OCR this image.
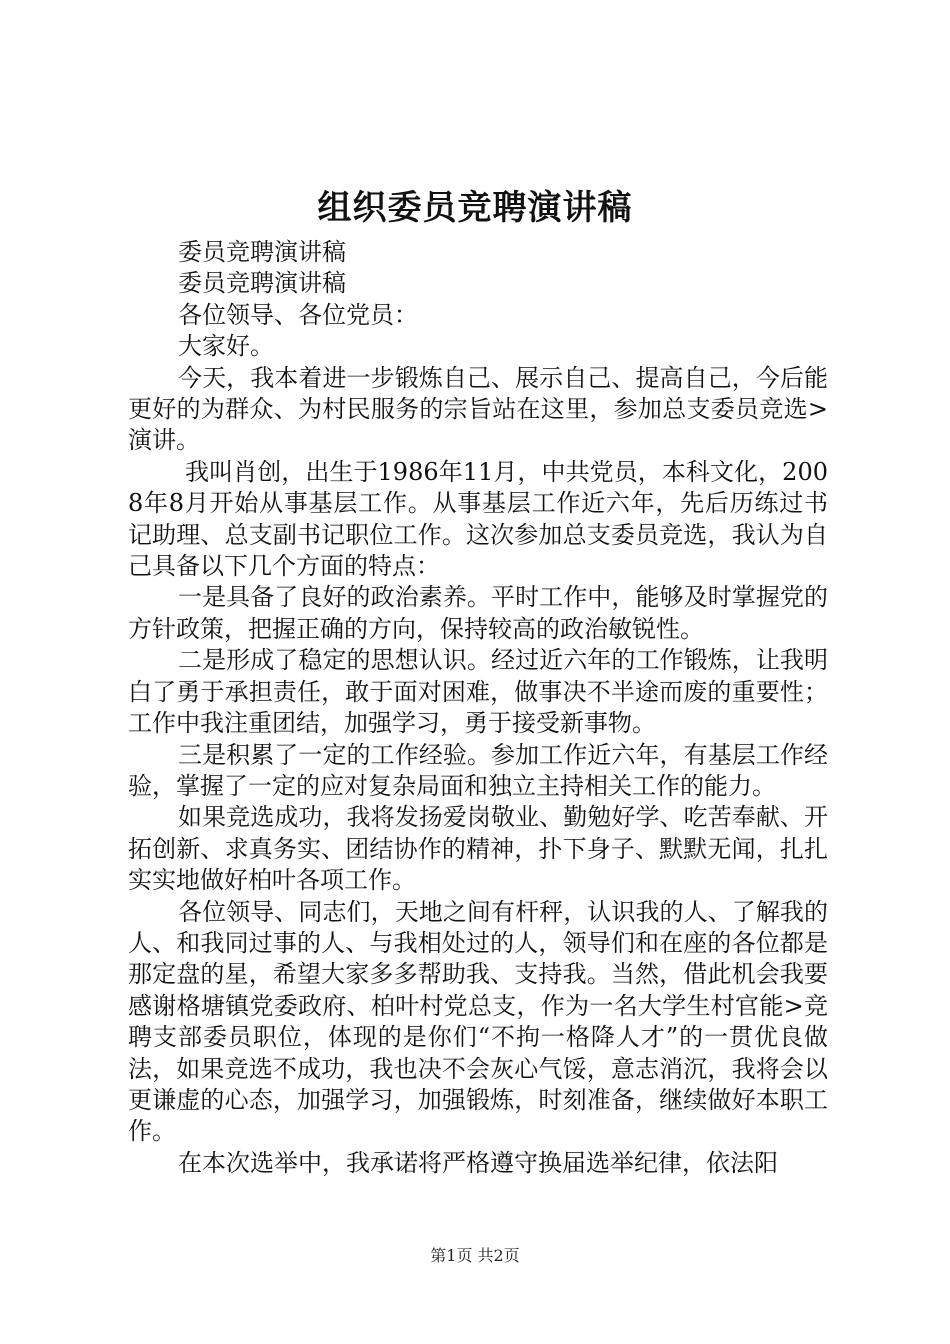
组织委员竞聘演讲稿

委员竞聘演讲稿

委员竞聘演讲稿

各位领导、各位党员：

大家好。

今天，我本着进一步锻炼自己、展示自己、提高自己，今后能更好的为群众、为村民服务的宗旨站在这里，参加总支委员竞选>演讲。

我叫肖创，出生于1986年11月，中共党员，本科文化，2008年8月开始从事基层工作。从事基层工作近六年，先后历练过书记助理、总支副书记职位工作。这次参加总支委员竞选，我认为自己具备以下几个方面的特点：

一是具备了良好的政治素养。平时工作中，能够及时掌握党的方针政策，把握正确的方向，保持较高的政治敏锐性。

二是形成了稳定的思想认识。经过近六年的工作锻炼，让我明白了勇于承担责任，敢于面对困难，做事决不半途而废的重要性；工作中我注重团结，加强学习，勇于接受新事物。

三是积累了一定的工作经验。参加工作近六年，有基层工作经验，掌握了一定的应对复杂局面和独立主持相关工作的能力。

如果竞选成功，我将发扬爱岗敬业、勤勉好学、吃苦奉献、开拓创新、求真务实、团结协作的精神，扑下身子、默默无闻，扎扎实实地做好柏叶各项工作。

各位领导、同志们，天地之间有杆秤，认识我的人、了解我的人、和我同过事的人、与我相处过的人，领导们和在座的各位都是那定盘的星，希望大家多多帮助我、支持我。当然，借此机会我要感谢格塘镇党委政府、柏叶村党总支，作为一名大学生村官能>竞聘支部委员职位，体现的是你们“不拘一格降人才”的一贯优良做法，如果竞选不成功，我也决不会灰心气馁，意志消沉，我将会以更谦虚的心态，加强学习，加强锻炼，时刻准备，继续做好本职工作。

在本次选举中，我承诺将严格遵守换届选举纪律，依法阳

第1页 共2页
